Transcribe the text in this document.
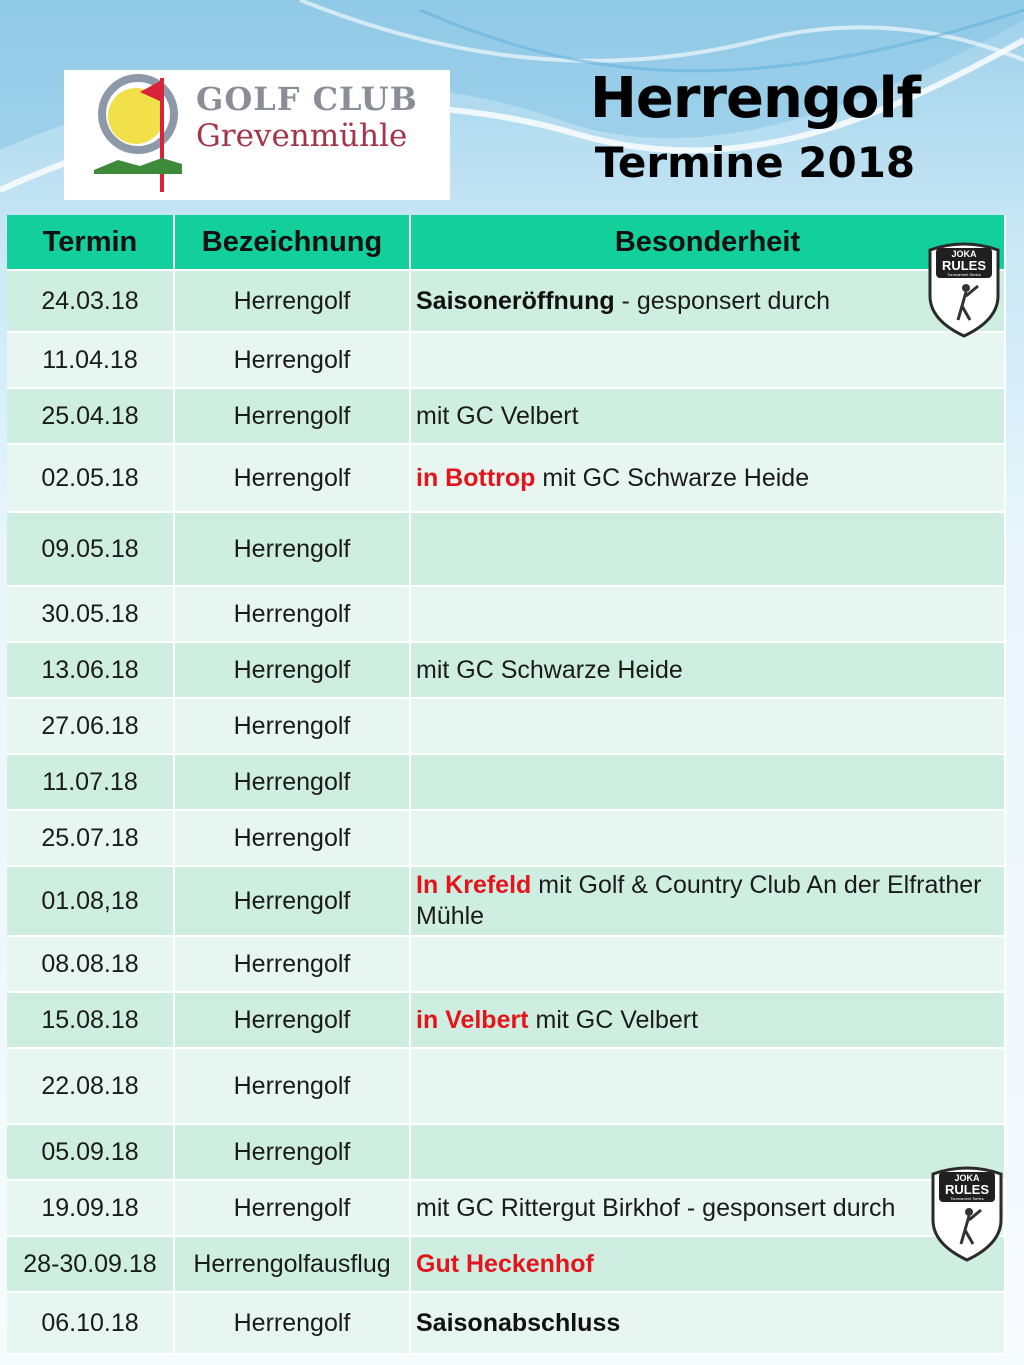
GOLF CLUB
Grevenmühle
Herrengolf
Termine 2018
Termin	Bezeichnung	Besonderheit
24.03.18	Herrengolf	Saisoneröffnung - gesponsert durch
11.04.18	Herrengolf	
25.04.18	Herrengolf	mit GC Velbert
02.05.18	Herrengolf	in Bottrop mit GC Schwarze Heide
09.05.18	Herrengolf	
30.05.18	Herrengolf	
13.06.18	Herrengolf	mit GC Schwarze Heide
27.06.18	Herrengolf	
11.07.18	Herrengolf	
25.07.18	Herrengolf	
01.08,18	Herrengolf	In Krefeld mit Golf & Country Club An der Elfrather Mühle
08.08.18	Herrengolf	
15.08.18	Herrengolf	in Velbert mit GC Velbert
22.08.18	Herrengolf	
05.09.18	Herrengolf	
19.09.18	Herrengolf	mit GC Rittergut Birkhof - gesponsert durch
28-30.09.18	Herrengolfausflug	Gut Heckenhof
06.10.18	Herrengolf	Saisonabschluss
JOKA
RULES
Tournament Series
JOKA
RULES
Tournament Series
